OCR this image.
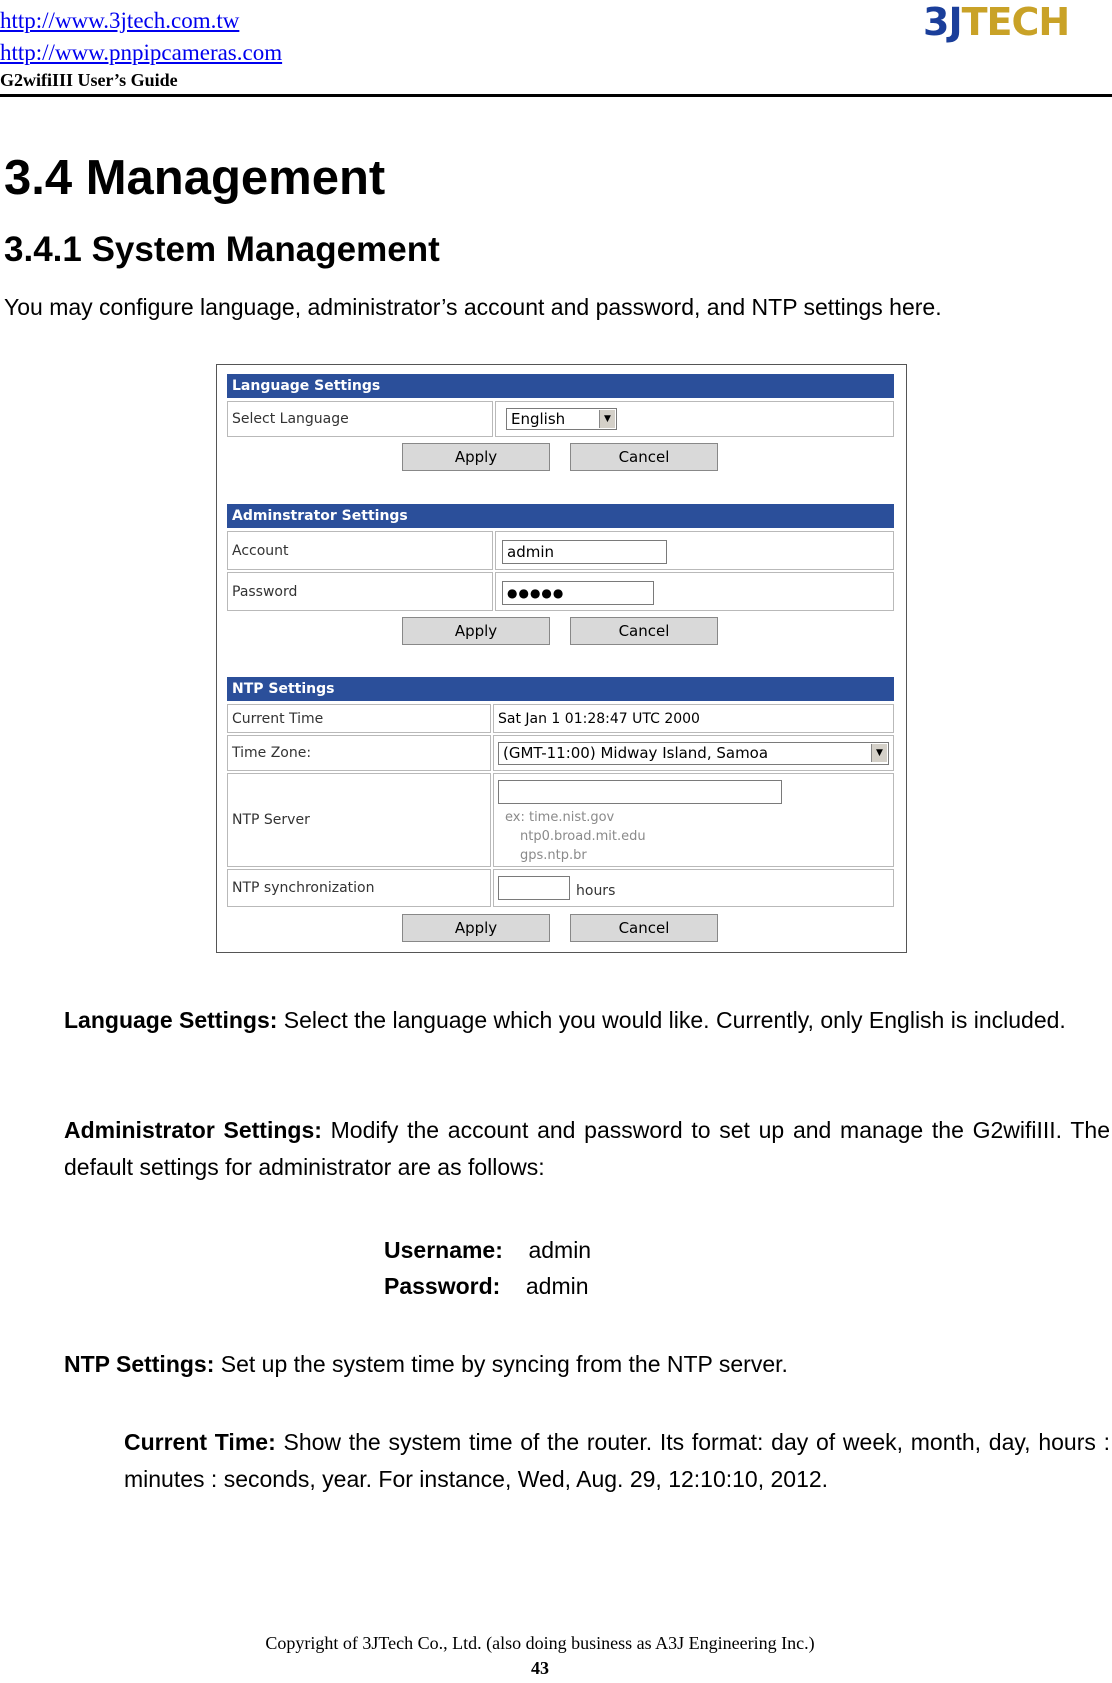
http://www.3jtech.com.tw
http://www.pnpipcameras.com
G2wifiIII User’s Guide
3JTECH
3.4 Management
3.4.1 System Management
You may configure language, administrator’s account and password, and NTP settings here.
Language Settings
Select Language	English	▼
Apply	Cancel
Adminstrator Settings
Account	admin
Password	●●●●●
Apply	Cancel
NTP Settings
Current Time	Sat Jan 1 01:28:47 UTC 2000
Time Zone:	(GMT-11:00) Midway Island, Samoa	▼
NTP Server	ex: time.nist.gov
ntp0.broad.mit.edu
gps.ntp.br
NTP synchronization	hours
Apply	Cancel
Language Settings: Select the language which you would like. Currently, only English is included.
Administrator Settings: Modify the account and password to set up and manage the G2wifiIII. The default settings for administrator are as follows:
Username: admin
Password: admin
NTP Settings: Set up the system time by syncing from the NTP server.
Current Time: Show the system time of the router. Its format: day of week, month, day, hours : minutes : seconds, year. For instance, Wed, Aug. 29, 12:10:10, 2012.
Copyright of 3JTech Co., Ltd. (also doing business as A3J Engineering Inc.)
43
